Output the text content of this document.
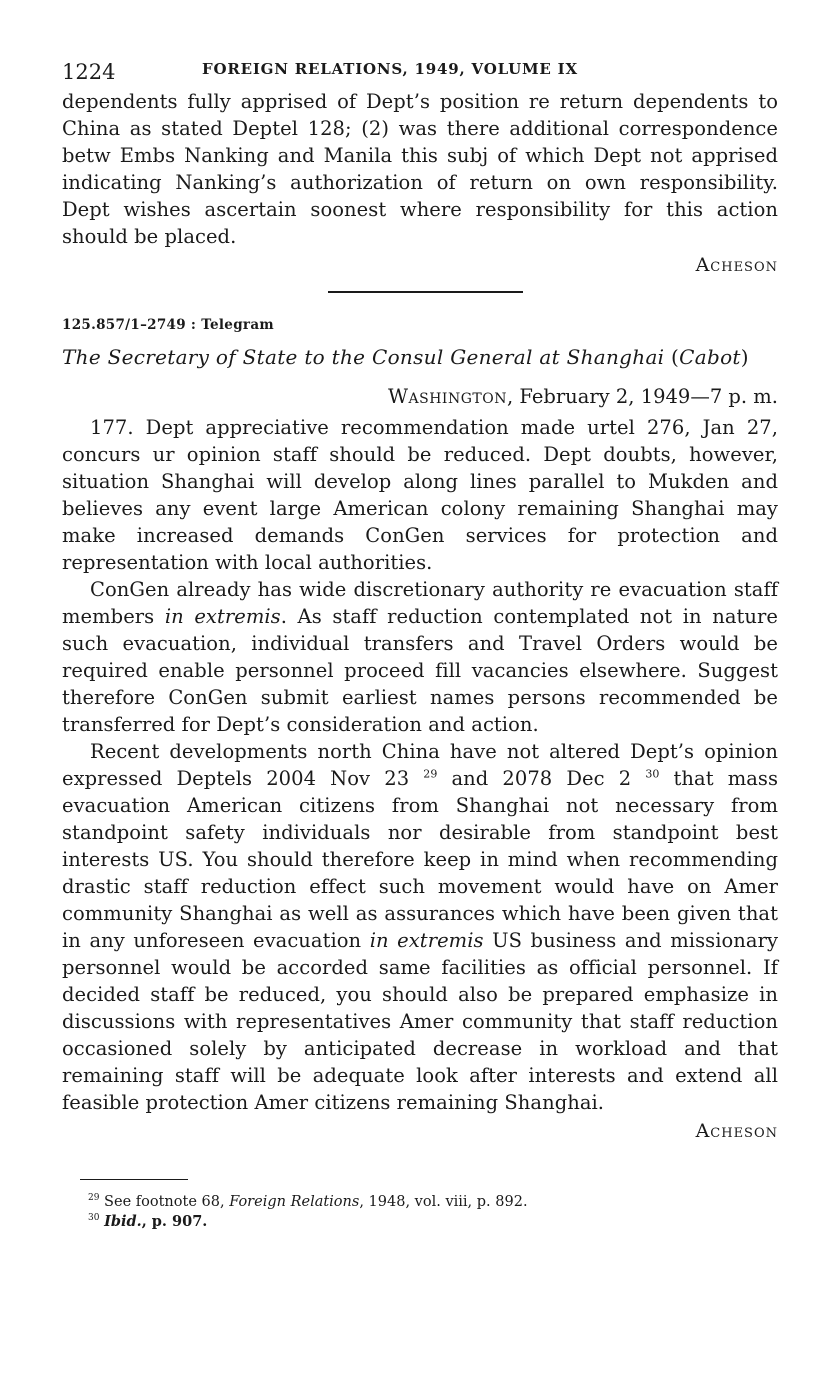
1224	FOREIGN RELATIONS, 1949, VOLUME IX

dependents fully apprised of Dept’s position re return dependents to China as stated Deptel 128; (2) was there additional correspondence betw Embs Nanking and Manila this subj of which Dept not apprised indicating Nanking’s authorization of return on own responsibility. Dept wishes ascertain soonest where responsibility for this action should be placed.

Acheson
125.857/1–2749 : Telegram
The Secretary of State to the Consul General at Shanghai (Cabot)
Washington, February 2, 1949—7 p. m.

177. Dept appreciative recommendation made urtel 276, Jan 27, concurs ur opinion staff should be reduced. Dept doubts, however, situation Shanghai will develop along lines parallel to Mukden and believes any event large American colony remaining Shanghai may make increased demands ConGen services for protection and representation with local authorities.

ConGen already has wide discretionary authority re evacuation staff members in extremis. As staff reduction contemplated not in nature such evacuation, individual transfers and Travel Orders would be required enable personnel proceed fill vacancies elsewhere. Suggest therefore ConGen submit earliest names persons recommended be transferred for Dept’s consideration and action.

Recent developments north China have not altered Dept’s opinion expressed Deptels 2004 Nov 23 $^{29}$ and 2078 Dec 2 $^{30}$ that mass evacuation American citizens from Shanghai not necessary from standpoint safety individuals nor desirable from standpoint best interests US. You should therefore keep in mind when recommending drastic staff reduction effect such movement would have on Amer community Shanghai as well as assurances which have been given that in any unforeseen evacuation in extremis US business and missionary personnel would be accorded same facilities as official personnel. If decided staff be reduced, you should also be prepared emphasize in discussions with representatives Amer community that staff reduction occasioned solely by anticipated decrease in workload and that remaining staff will be adequate look after interests and extend all feasible protection Amer citizens remaining Shanghai.

Acheson
$^{29}$ See footnote 68, Foreign Relations, 1948, vol. viii, p. 892.
$^{30}$ Ibid., p. 907.
